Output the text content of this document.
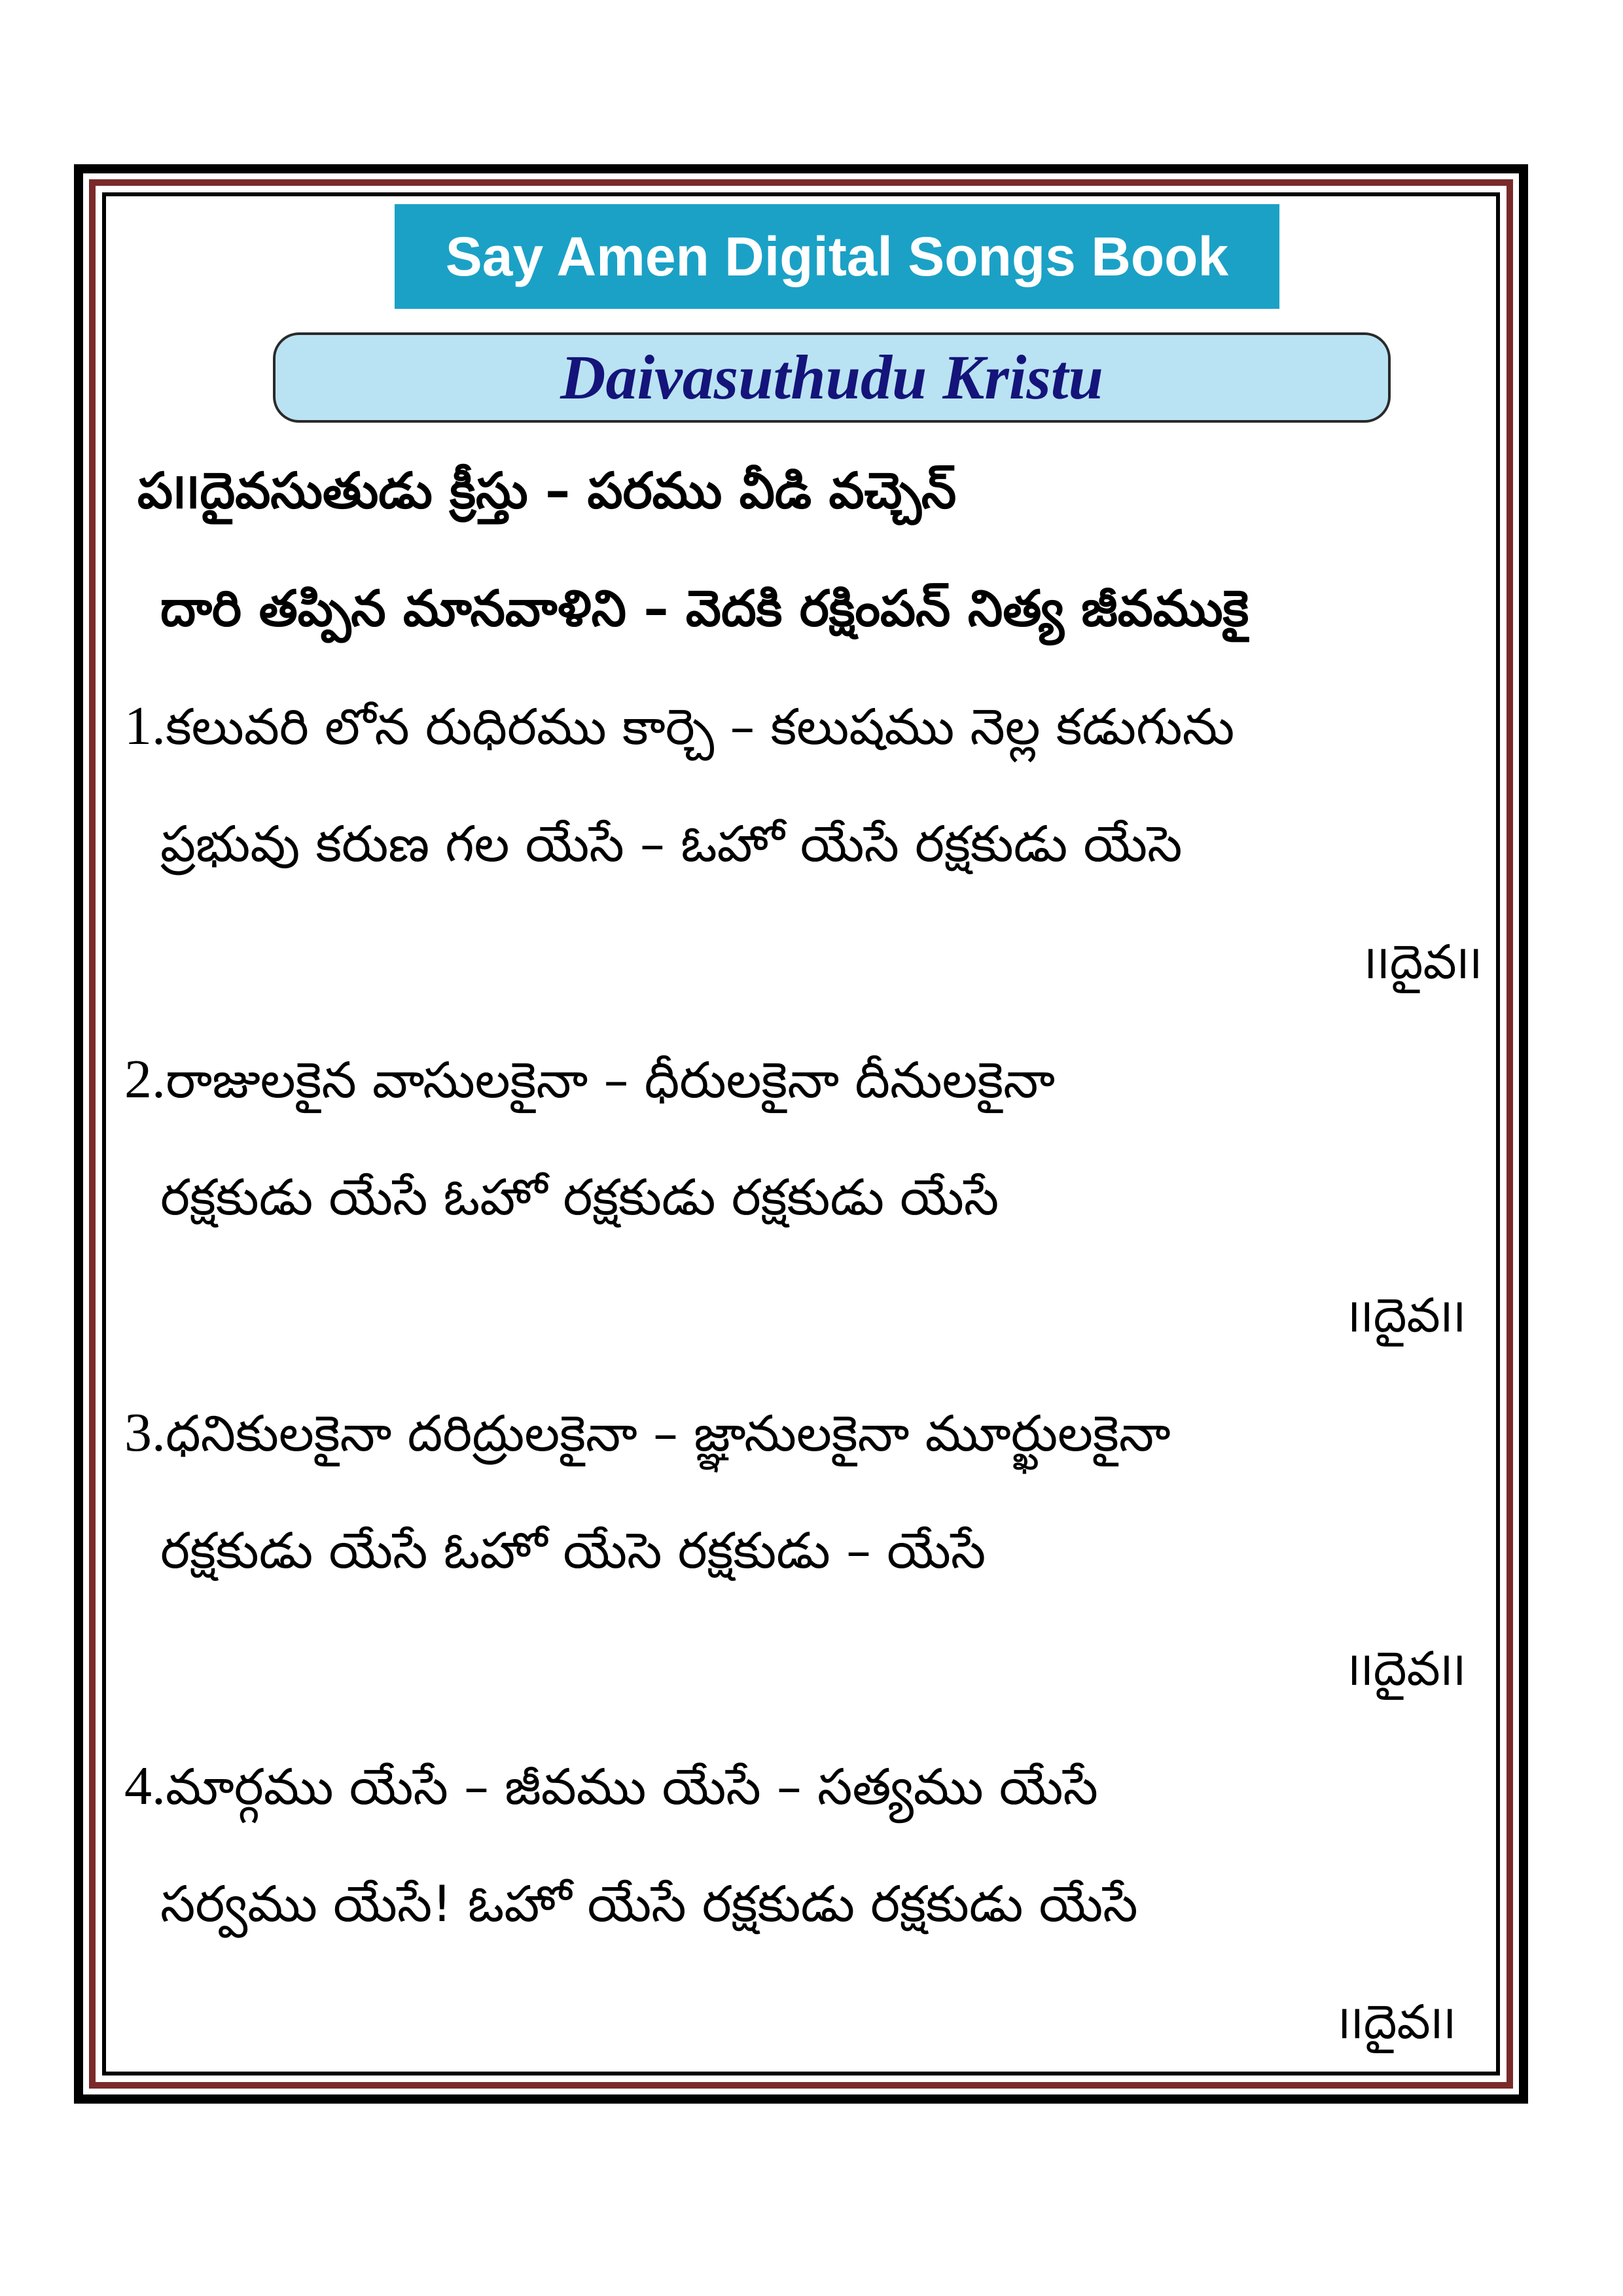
Say Amen Digital Songs Book
Daivasuthudu Kristu
ప౹౹దైవసుతుడు క్రీస్తు – పరము వీడి వచ్చెన్
దారి తప్పిన మానవాళిని – వెదకి రక్షింపన్ నిత్య జీవముకై
1.కలువరి లోన రుధిరము కార్చె – కలుషము నెల్ల కడుగును
ప్రభువు కరుణ గల యేసే – ఓహో యేసే రక్షకుడు యేసె
౹౹దైవ౹౹
2.రాజులకైన వాసులకైనా – ధీరులకైనా దీనులకైనా
రక్షకుడు యేసే ఓహో రక్షకుడు రక్షకుడు యేసే
౹౹దైవ౹౹
3.ధనికులకైనా దరిద్రులకైనా – జ్ఞానులకైనా మూర్ఖులకైనా
రక్షకుడు యేసే ఓహో యేసె రక్షకుడు – యేసే
౹౹దైవ౹౹
4.మార్గము యేసే – జీవము యేసే – సత్యము యేసే
సర్వము యేసే! ఓహో యేసే రక్షకుడు రక్షకుడు యేసే
౹౹దైవ౹౹
